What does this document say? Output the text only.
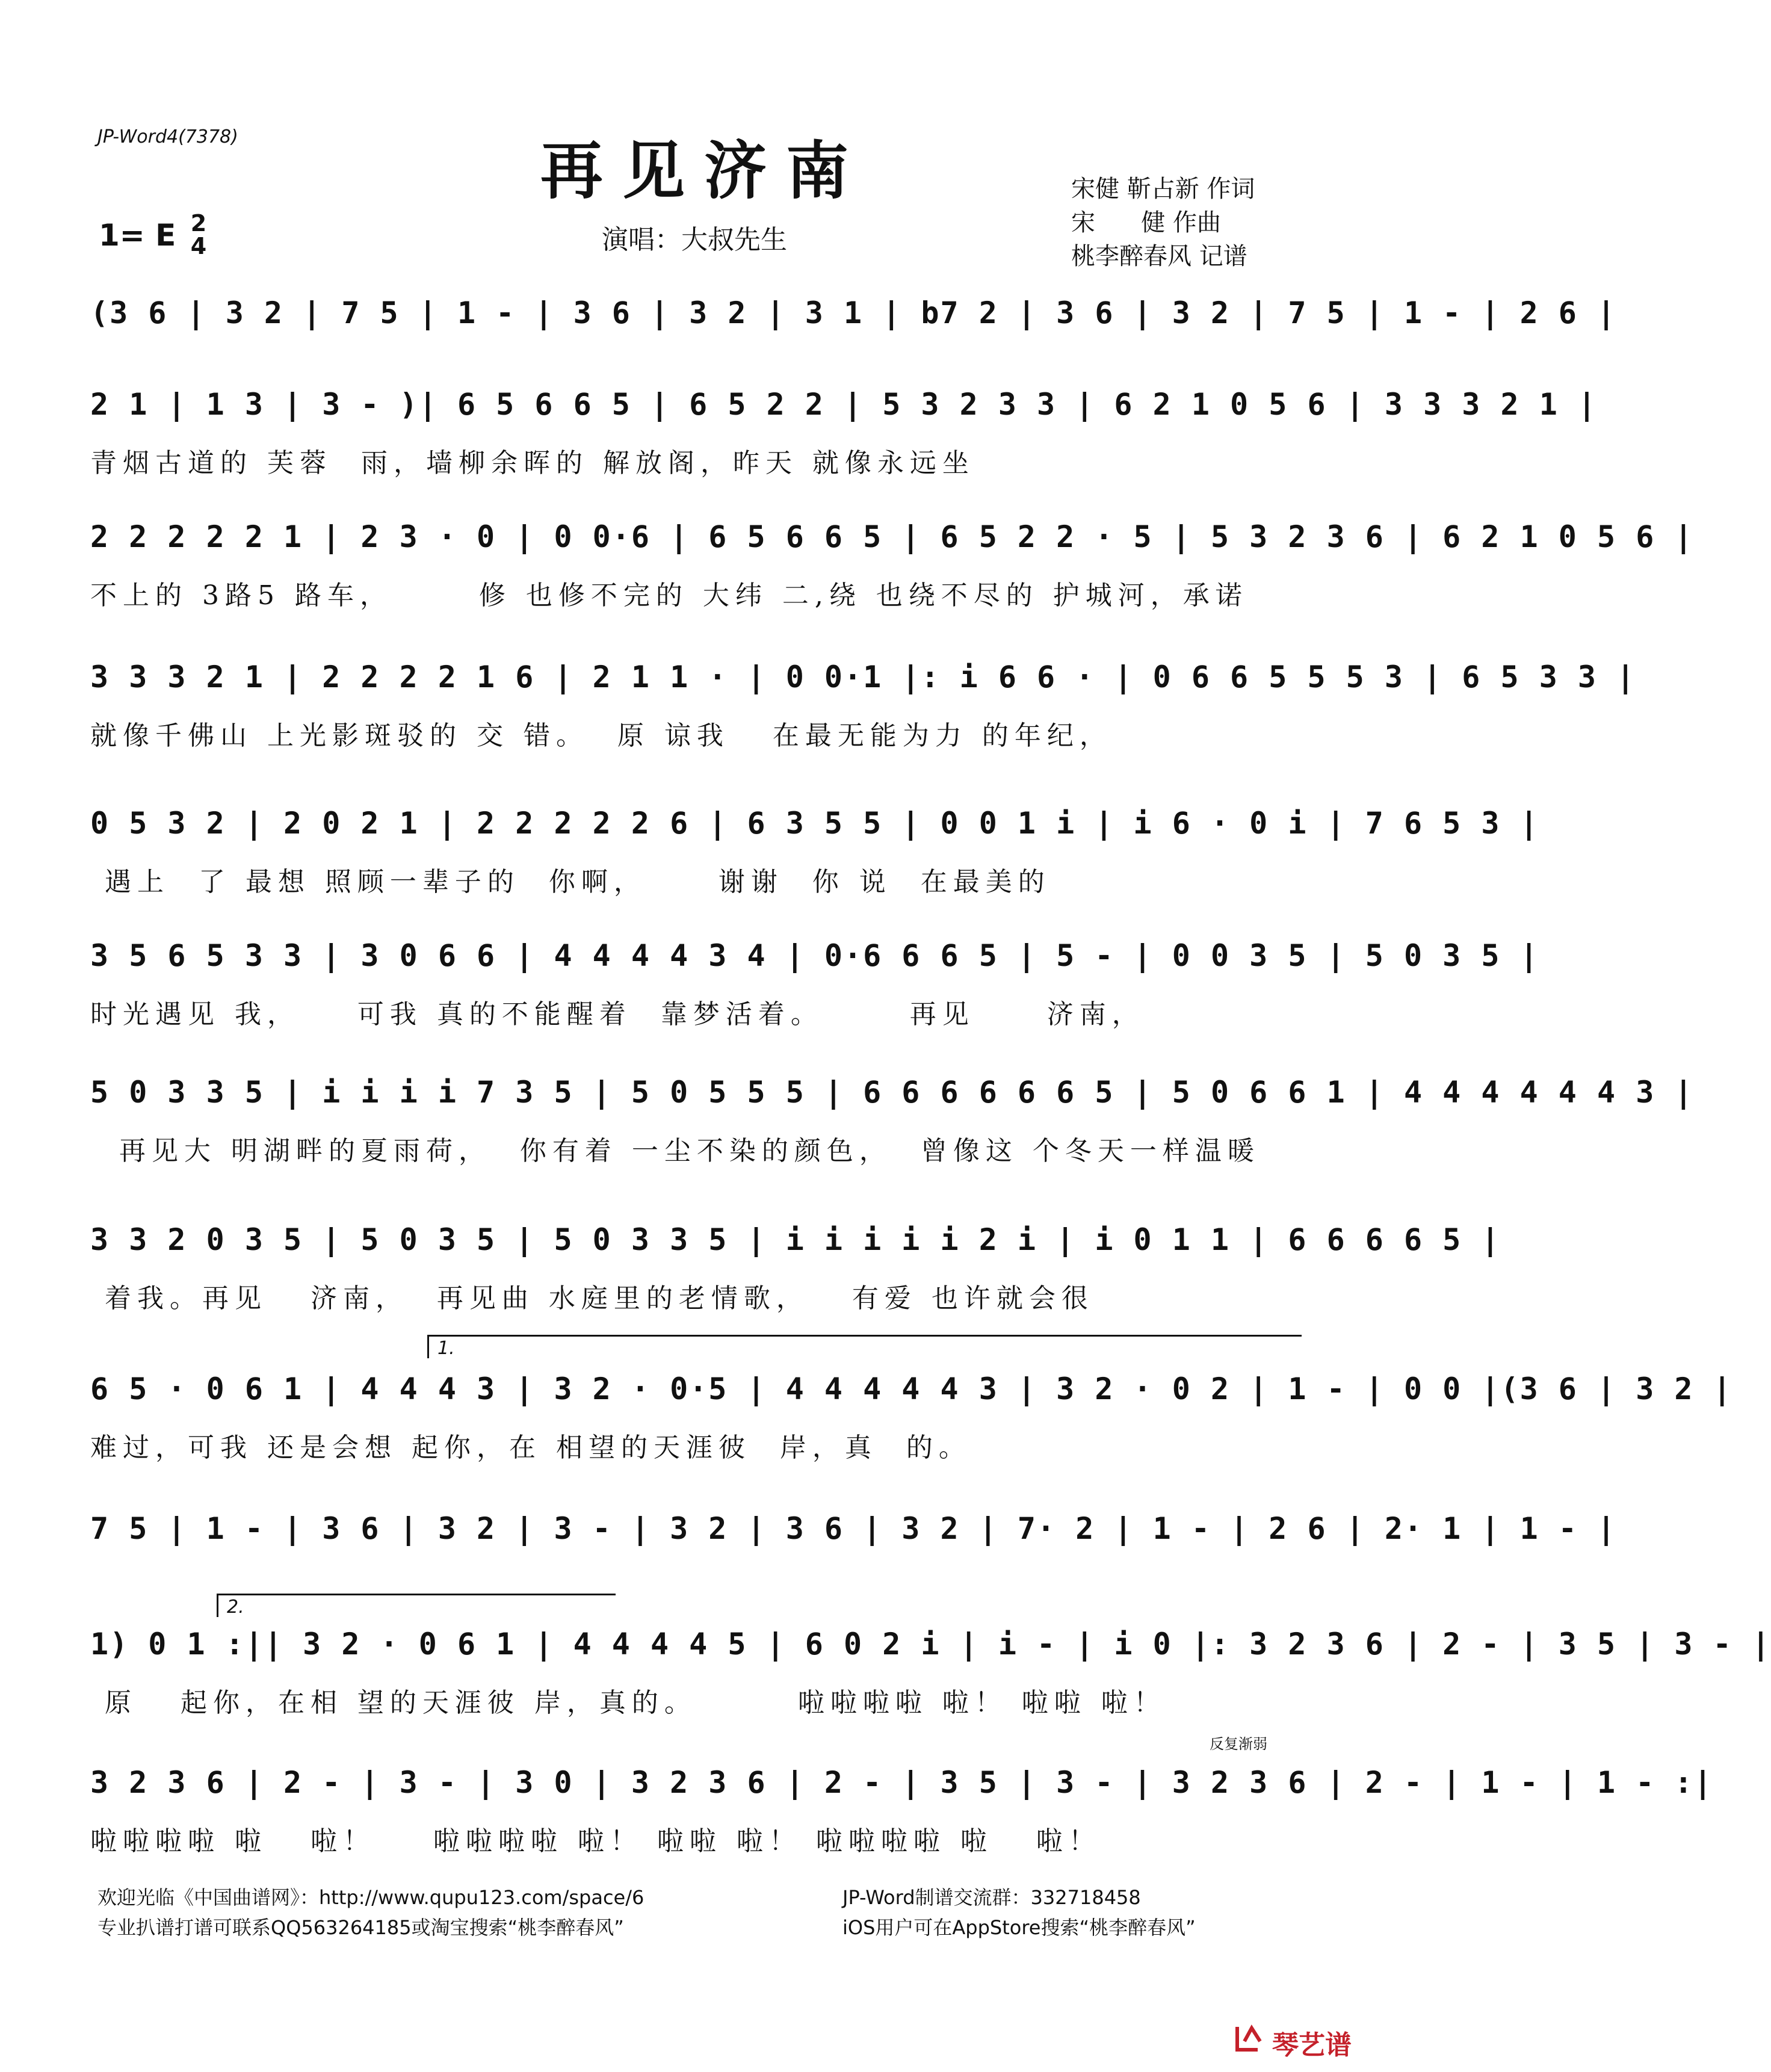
JP-Word4(7378)	再见济南
1= E 2
4	演唱：大叔先生
宋健 靳占新 作词
宋      健 作曲
桃李醉春风 记谱
(3 6 | 3 2 | 7 5 | 1 - | 3 6 | 3 2 | 3 1 | b7 2 | 3 6 | 3 2 | 7 5 | 1 - | 2 6 |
2 1 | 1 3 | 3 - )| 6 5 6 6 5 | 6 5 2 2 | 5 3 2 3 3 | 6 2 1 0 5 6 | 3 3 3 2 1 |
青烟古道的 芙蓉  雨，墙柳余晖的 解放阁，昨天 就像永远坐
2 2 2 2 2 1 | 2 3 · 0 | 0 0·6 | 6 5 6 6 5 | 6 5 2 2 · 5 | 5 3 2 3 6 | 6 2 1 0 5 6 |
不上的 3路5 路车，      修 也修不完的 大纬 二,绕 也绕不尽的 护城河，承诺
3 3 3 2 1 | 2 2 2 2 1 6 | 2 1 1 · | 0 0·1 |: i 6 6 · | 0 6 6 5 5 5 3 | 6 5 3 3 |
就像千佛山 上光影斑驳的 交 错。  原 谅我   在最无能为力 的年纪，
0 5 3 2 | 2 0 2 1 | 2 2 2 2 2 6 | 6 3 5 5 | 0 0 1 i | i 6 · 0 i | 7 6 5 3 |
遇上  了 最想 照顾一辈子的  你啊，     谢谢  你 说  在最美的
3 5 6 5 3 3 | 3 0 6 6 | 4 4 4 4 3 4 | 0·6 6 6 5 | 5 - | 0 0 3 5 | 5 0 3 5 |
时光遇见 我，    可我 真的不能醒着  靠梦活着。      再见     济南，
5 0 3 3 5 | i i i i 7 3 5 | 5 0 5 5 5 | 6 6 6 6 6 6 5 | 5 0 6 6 1 | 4 4 4 4 4 4 3 |
再见大 明湖畔的夏雨荷，  你有着 一尘不染的颜色，  曾像这 个冬天一样温暖
3 3 2 0 3 5 | 5 0 3 5 | 5 0 3 3 5 | i i i i i 2 i | i 0 1 1 | 6 6 6 6 5 |
着我。再见   济南，  再见曲 水庭里的老情歌，   有爱 也许就会很
1.
6 5 · 0 6 1 | 4 4 4 3 | 3 2 · 0·5 | 4 4 4 4 4 3 | 3 2 · 0 2 | 1 - | 0 0 |(3 6 | 3 2 |
难过，可我 还是会想 起你，在 相望的天涯彼  岸，真  的。
7 5 | 1 - | 3 6 | 3 2 | 3 - | 3 2 | 3 6 | 3 2 | 7· 2 | 1 - | 2 6 | 2· 1 | 1 - |
2.
1) 0 1 :|| 3 2 · 0 6 1 | 4 4 4 4 5 | 6 0 2 i | i - | i 0 |: 3 2 3 6 | 2 - | 3 5 | 3 - |
原   起你，在相 望的天涯彼 岸，真的。       啦啦啦啦 啦！ 啦啦 啦！
反复渐弱
3 2 3 6 | 2 - | 3 - | 3 0 | 3 2 3 6 | 2 - | 3 5 | 3 - | 3 2 3 6 | 2 - | 1 - | 1 - :|
啦啦啦啦 啦   啦！    啦啦啦啦 啦！ 啦啦 啦！ 啦啦啦啦 啦   啦！
欢迎光临《中国曲谱网》：http://www.qupu123.com/space/6
专业扒谱打谱可联系QQ563264185或淘宝搜索“桃李醉春风”
JP-Word制谱交流群：332718458
iOS用户可在AppStore搜索“桃李醉春风”
琴艺谱
